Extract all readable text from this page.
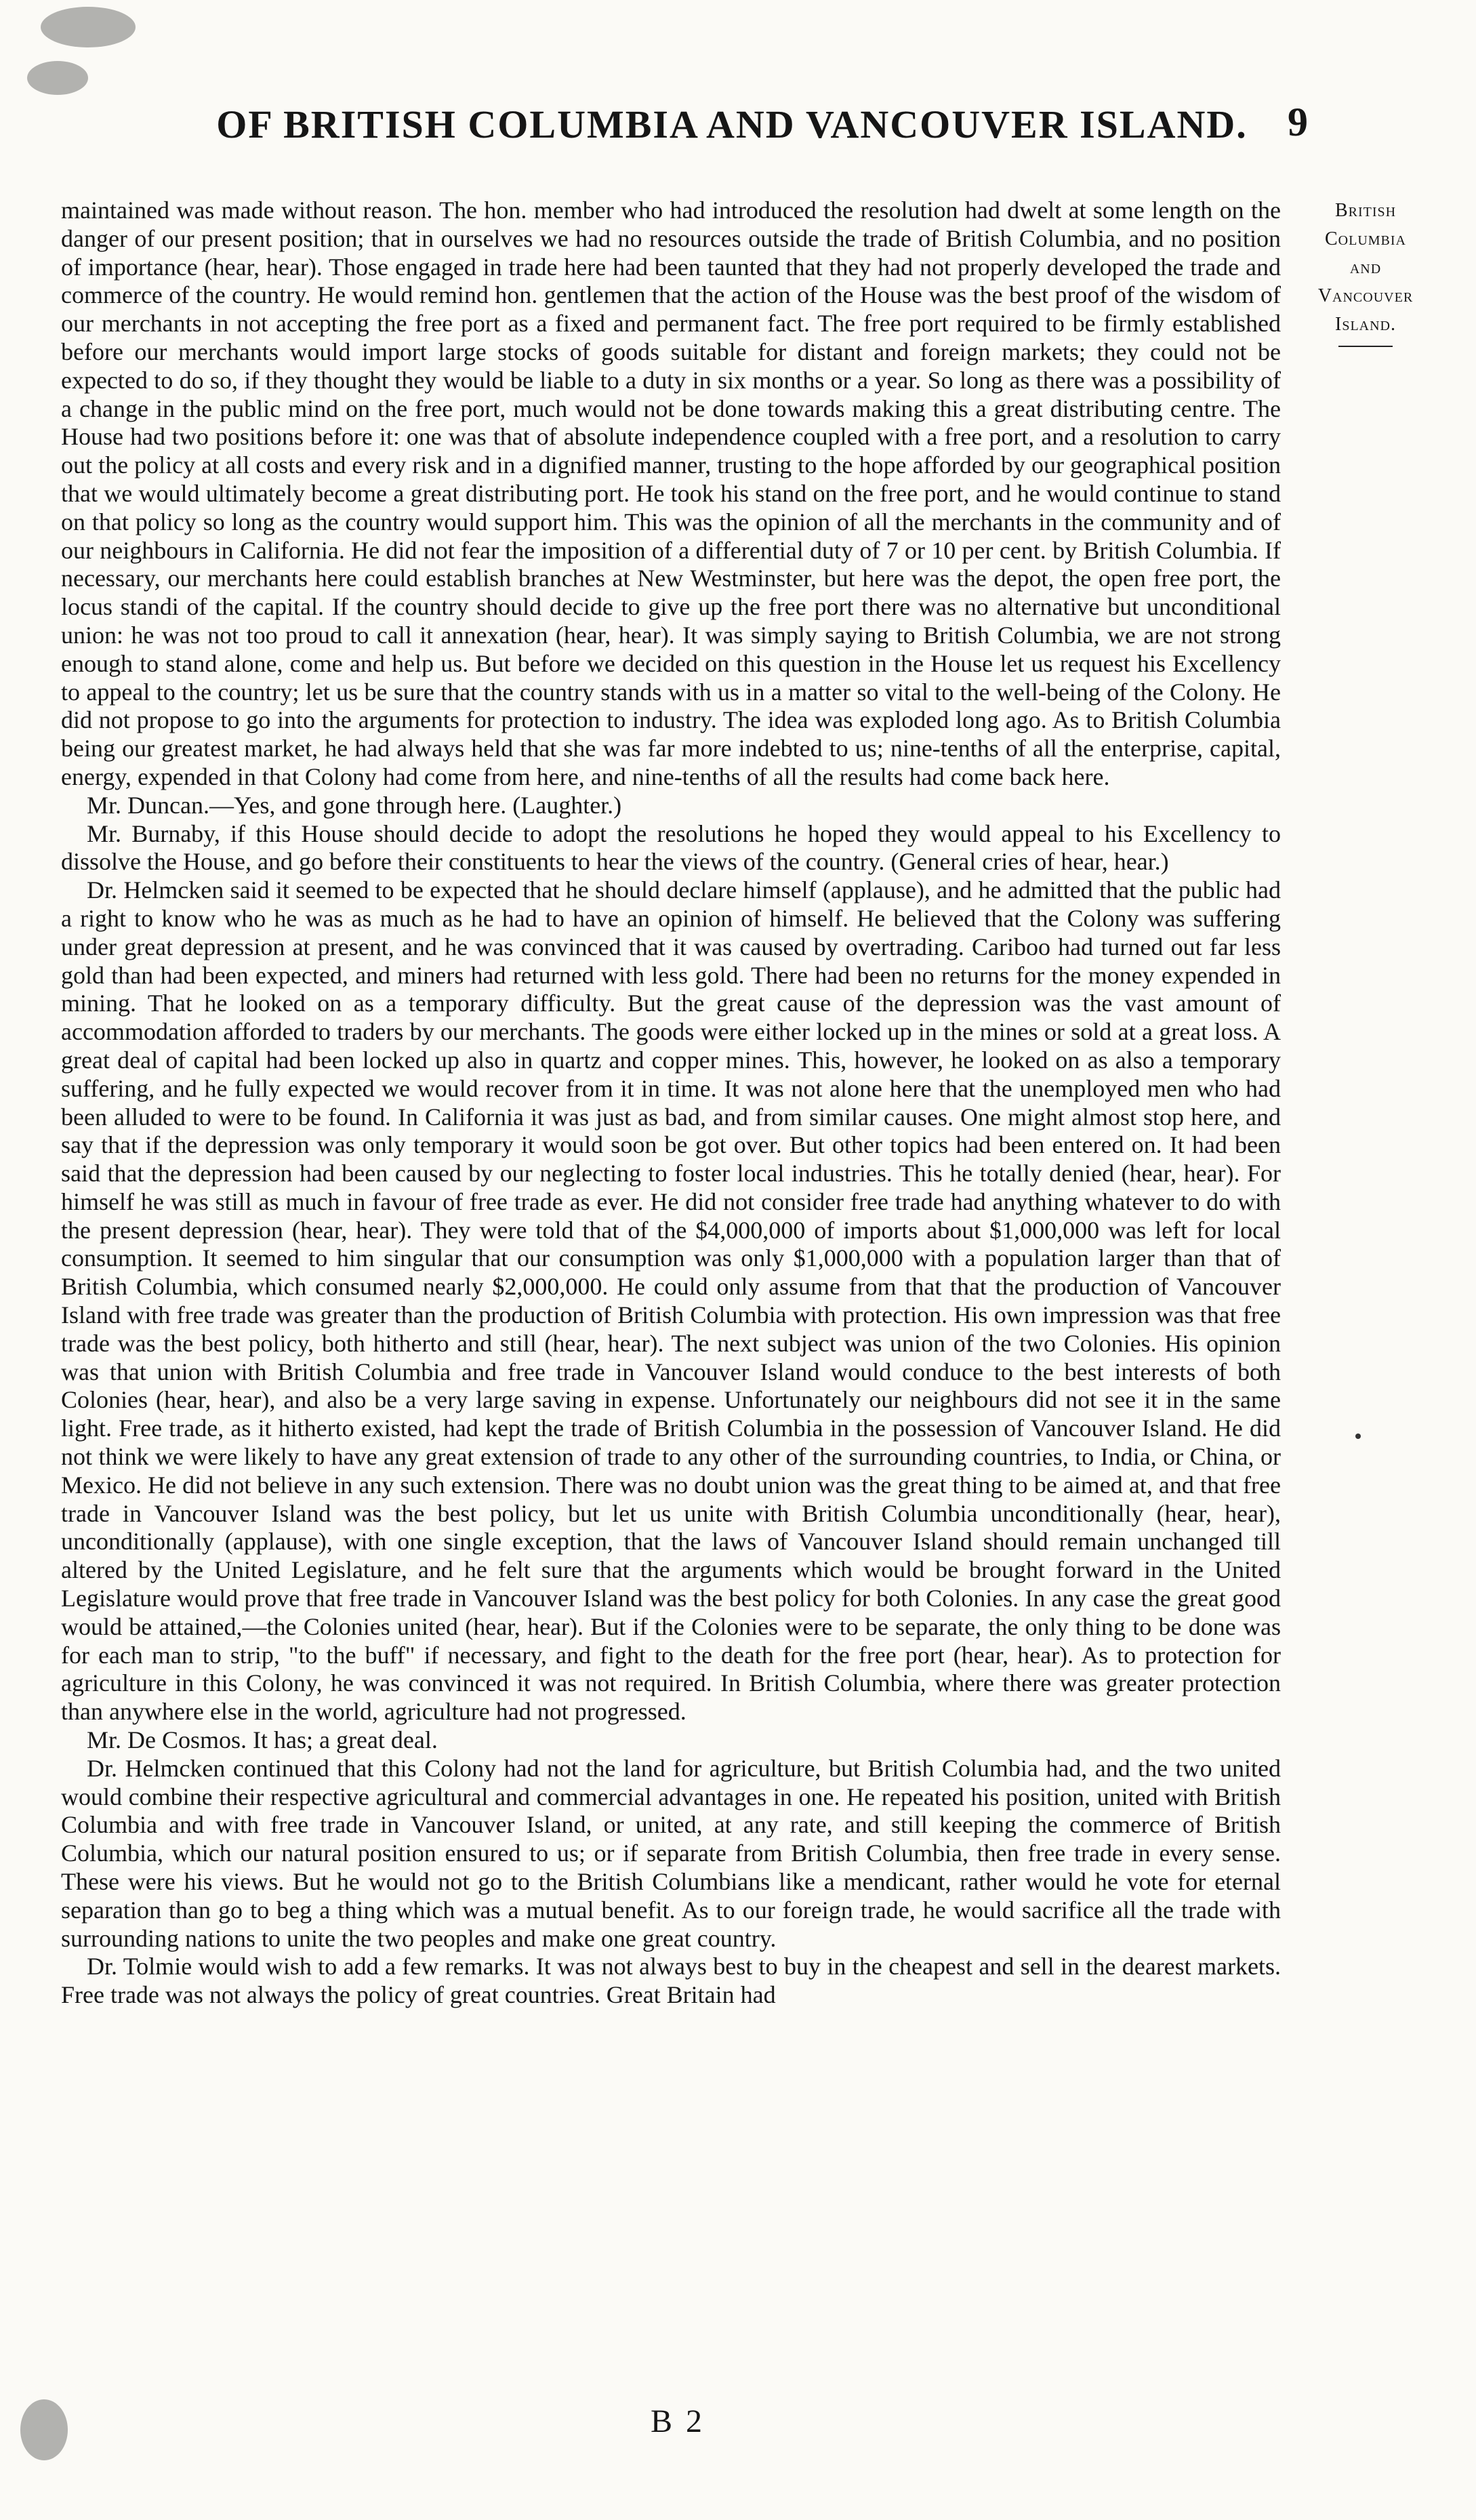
OF BRITISH COLUMBIA AND VANCOUVER ISLAND. 9
British
Columbia
and
Vancouver
Island.

maintained was made without reason. The hon. member who had introduced the resolution had dwelt at some length on the danger of our present position; that in ourselves we had no resources outside the trade of British Columbia, and no position of importance (hear, hear). Those engaged in trade here had been taunted that they had not properly developed the trade and commerce of the country. He would remind hon. gentlemen that the action of the House was the best proof of the wisdom of our merchants in not accepting the free port as a fixed and permanent fact. The free port required to be firmly established before our merchants would import large stocks of goods suitable for distant and foreign markets; they could not be expected to do so, if they thought they would be liable to a duty in six months or a year. So long as there was a possibility of a change in the public mind on the free port, much would not be done towards making this a great distributing centre. The House had two positions before it: one was that of absolute independence coupled with a free port, and a resolution to carry out the policy at all costs and every risk and in a dignified manner, trusting to the hope afforded by our geographical position that we would ultimately become a great distributing port. He took his stand on the free port, and he would continue to stand on that policy so long as the country would support him. This was the opinion of all the merchants in the community and of our neighbours in California. He did not fear the imposition of a differential duty of 7 or 10 per cent. by British Columbia. If necessary, our merchants here could establish branches at New Westminster, but here was the depot, the open free port, the locus standi of the capital. If the country should decide to give up the free port there was no alternative but unconditional union: he was not too proud to call it annexation (hear, hear). It was simply saying to British Columbia, we are not strong enough to stand alone, come and help us. But before we decided on this question in the House let us request his Excellency to appeal to the country; let us be sure that the country stands with us in a matter so vital to the well-being of the Colony. He did not propose to go into the arguments for protection to industry. The idea was exploded long ago. As to British Columbia being our greatest market, he had always held that she was far more indebted to us; nine-tenths of all the enterprise, capital, energy, expended in that Colony had come from here, and nine-tenths of all the results had come back here.

Mr. Duncan.—Yes, and gone through here. (Laughter.)

Mr. Burnaby, if this House should decide to adopt the resolutions he hoped they would appeal to his Excellency to dissolve the House, and go before their constituents to hear the views of the country. (General cries of hear, hear.)

Dr. Helmcken said it seemed to be expected that he should declare himself (applause), and he admitted that the public had a right to know who he was as much as he had to have an opinion of himself. He believed that the Colony was suffering under great depression at present, and he was convinced that it was caused by overtrading. Cariboo had turned out far less gold than had been expected, and miners had returned with less gold. There had been no returns for the money expended in mining. That he looked on as a temporary difficulty. But the great cause of the depression was the vast amount of accommodation afforded to traders by our merchants. The goods were either locked up in the mines or sold at a great loss. A great deal of capital had been locked up also in quartz and copper mines. This, however, he looked on as also a temporary suffering, and he fully expected we would recover from it in time. It was not alone here that the unemployed men who had been alluded to were to be found. In California it was just as bad, and from similar causes. One might almost stop here, and say that if the depression was only temporary it would soon be got over. But other topics had been entered on. It had been said that the depression had been caused by our neglecting to foster local industries. This he totally denied (hear, hear). For himself he was still as much in favour of free trade as ever. He did not consider free trade had anything whatever to do with the present depression (hear, hear). They were told that of the $4,000,000 of imports about $1,000,000 was left for local consumption. It seemed to him singular that our consumption was only $1,000,000 with a population larger than that of British Columbia, which consumed nearly $2,000,000. He could only assume from that that the production of Vancouver Island with free trade was greater than the production of British Columbia with protection. His own impression was that free trade was the best policy, both hitherto and still (hear, hear). The next subject was union of the two Colonies. His opinion was that union with British Columbia and free trade in Vancouver Island would conduce to the best interests of both Colonies (hear, hear), and also be a very large saving in expense. Unfortunately our neighbours did not see it in the same light. Free trade, as it hitherto existed, had kept the trade of British Columbia in the possession of Vancouver Island. He did not think we were likely to have any great extension of trade to any other of the surrounding countries, to India, or China, or Mexico. He did not believe in any such extension. There was no doubt union was the great thing to be aimed at, and that free trade in Vancouver Island was the best policy, but let us unite with British Columbia unconditionally (hear, hear), unconditionally (applause), with one single exception, that the laws of Vancouver Island should remain unchanged till altered by the United Legislature, and he felt sure that the arguments which would be brought forward in the United Legislature would prove that free trade in Vancouver Island was the best policy for both Colonies. In any case the great good would be attained,—the Colonies united (hear, hear). But if the Colonies were to be separate, the only thing to be done was for each man to strip, "to the buff" if necessary, and fight to the death for the free port (hear, hear). As to protection for agriculture in this Colony, he was convinced it was not required. In British Columbia, where there was greater protection than anywhere else in the world, agriculture had not progressed.

Mr. De Cosmos. It has; a great deal.

Dr. Helmcken continued that this Colony had not the land for agriculture, but British Columbia had, and the two united would combine their respective agricultural and commercial advantages in one. He repeated his position, united with British Columbia and with free trade in Vancouver Island, or united, at any rate, and still keeping the commerce of British Columbia, which our natural position ensured to us; or if separate from British Columbia, then free trade in every sense. These were his views. But he would not go to the British Columbians like a mendicant, rather would he vote for eternal separation than go to beg a thing which was a mutual benefit. As to our foreign trade, he would sacrifice all the trade with surrounding nations to unite the two peoples and make one great country.

Dr. Tolmie would wish to add a few remarks. It was not always best to buy in the cheapest and sell in the dearest markets. Free trade was not always the policy of great countries. Great Britain had

B 2
